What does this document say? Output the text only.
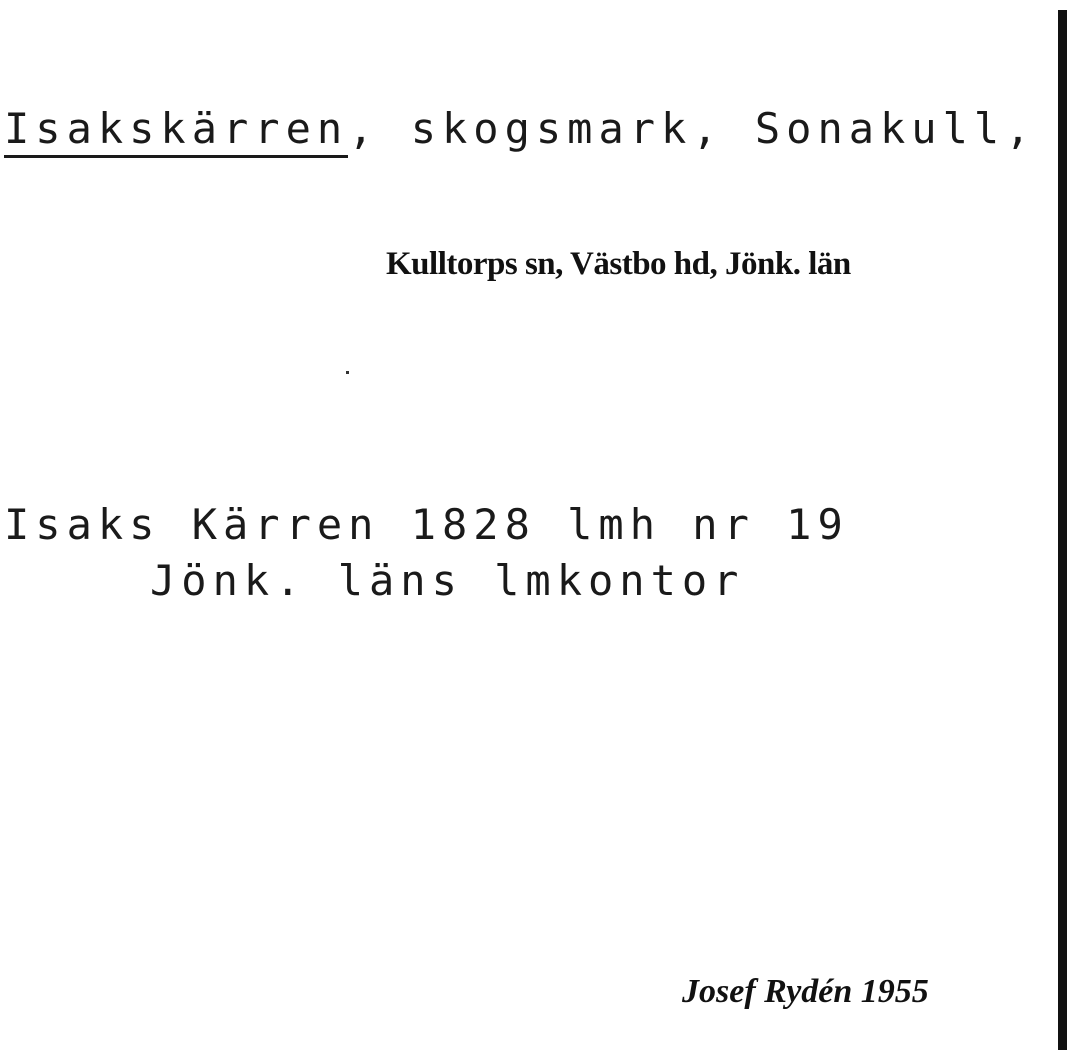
Isakskärren, skogsmark, Sonakull,
Kulltorps sn, Västbo hd, Jönk. län
Isaks Kärren 1828 lmh nr 19
Jönk. läns lmkontor
Josef Rydén 1955
